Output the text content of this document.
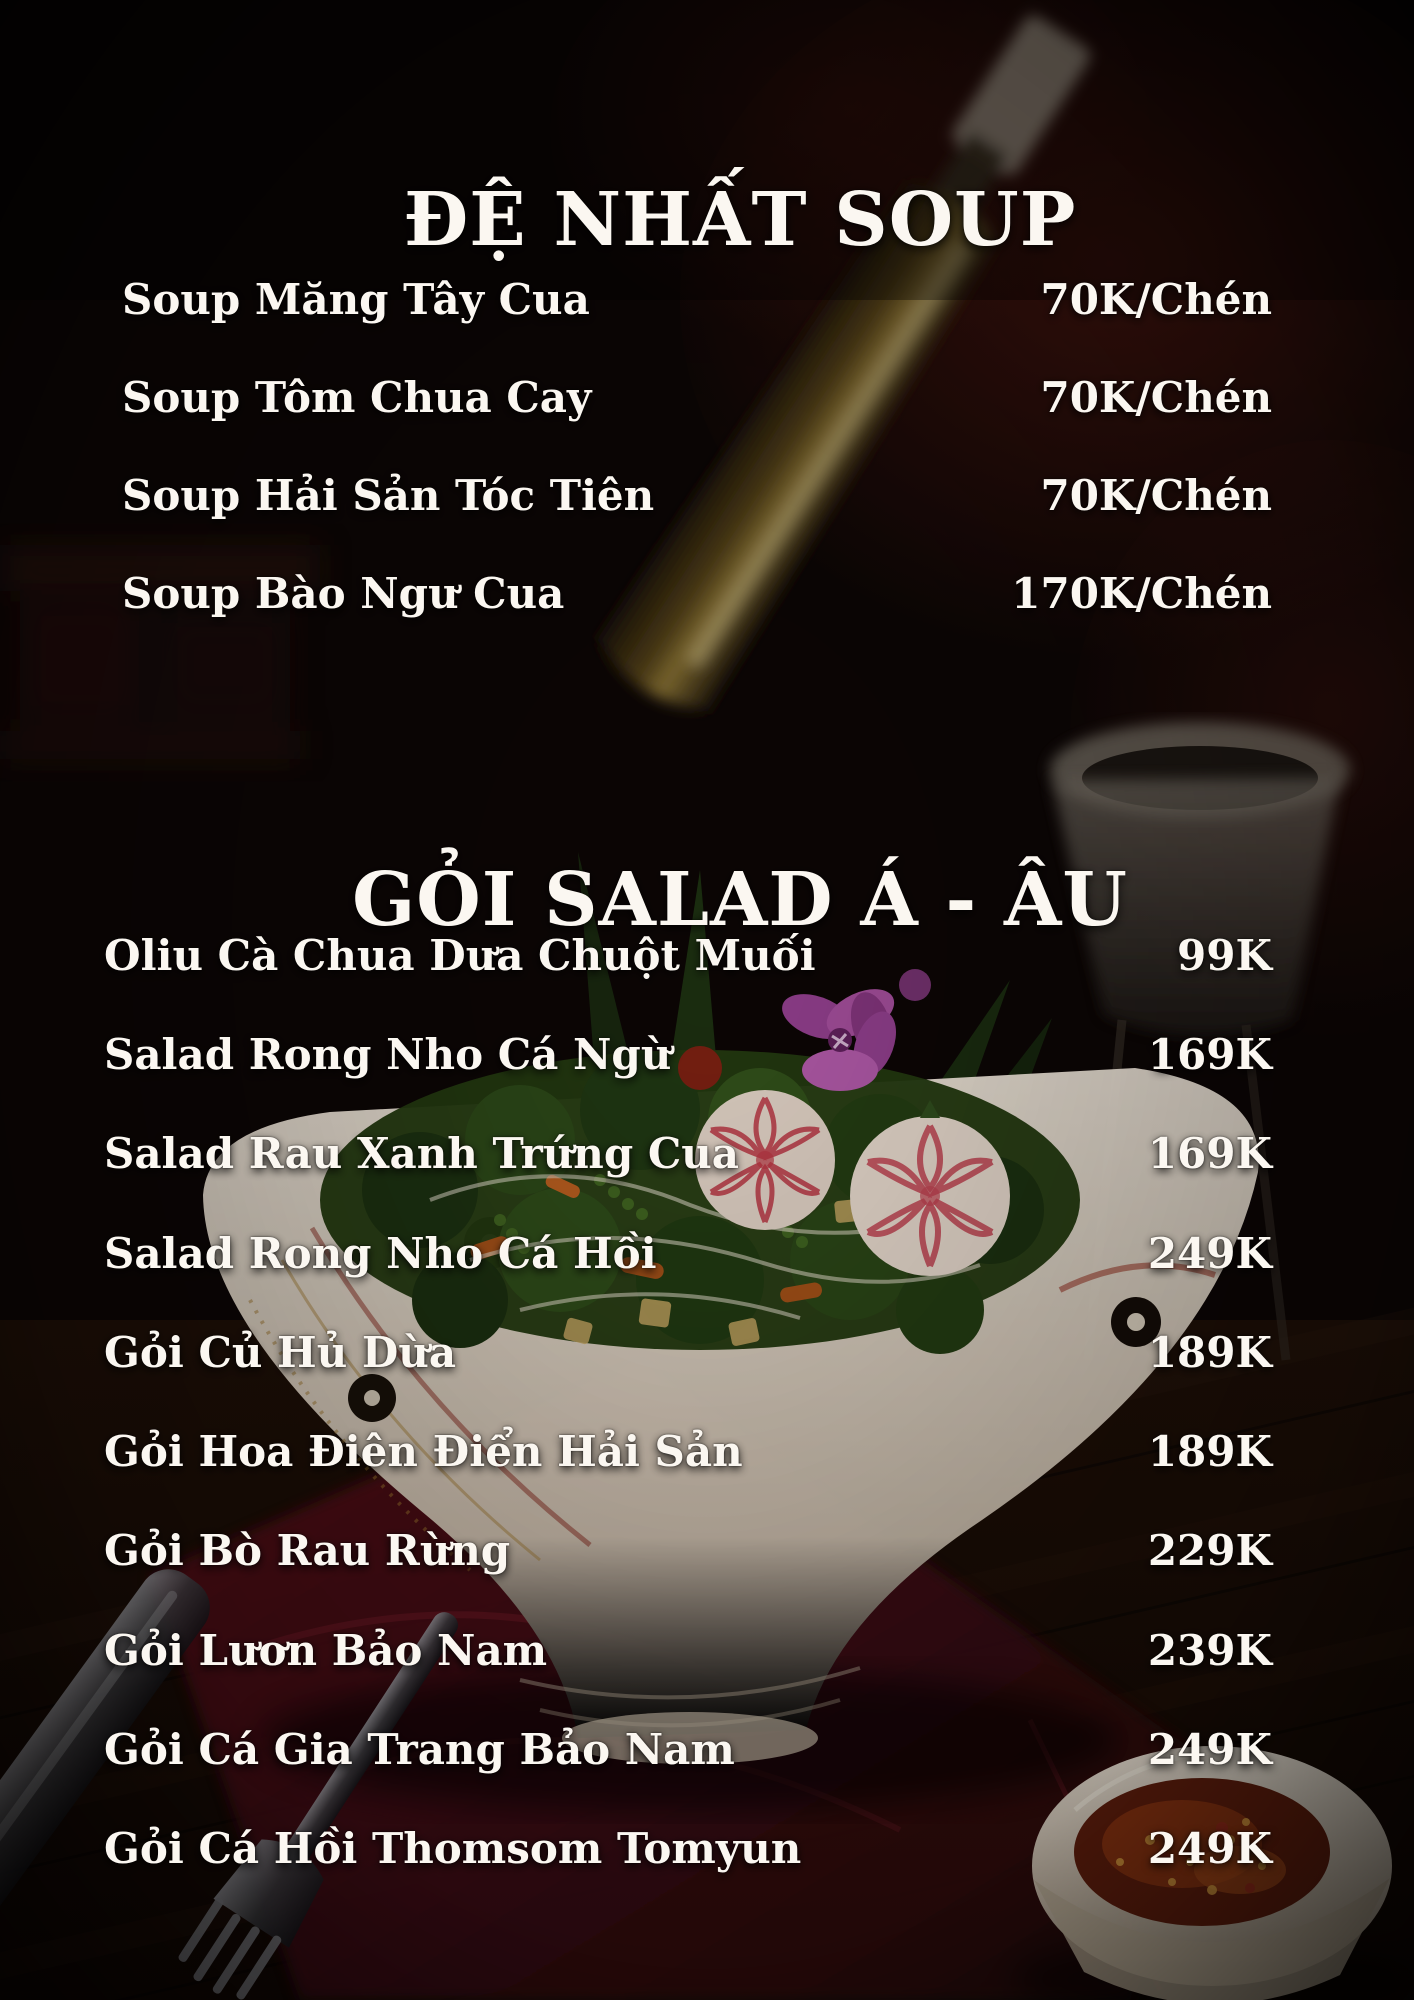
ĐỆ NHẤT SOUP
Soup Măng Tây Cua	70K/Chén
Soup Tôm Chua Cay	70K/Chén
Soup Hải Sản Tóc Tiên	70K/Chén
Soup Bào Ngư Cua	170K/Chén
GỎI SALAD Á - ÂU
Oliu Cà Chua Dưa Chuột Muối	99K
Salad Rong Nho Cá Ngừ	169K
Salad Rau Xanh Trứng Cua	169K
Salad Rong Nho Cá Hồi	249K
Gỏi Củ Hủ Dừa	189K
Gỏi Hoa Điên Điển Hải Sản	189K
Gỏi Bò Rau Rừng	229K
Gỏi Lươn Bảo Nam	239K
Gỏi Cá Gia Trang Bảo Nam	249K
Gỏi Cá Hồi Thomsom Tomyun	249K
